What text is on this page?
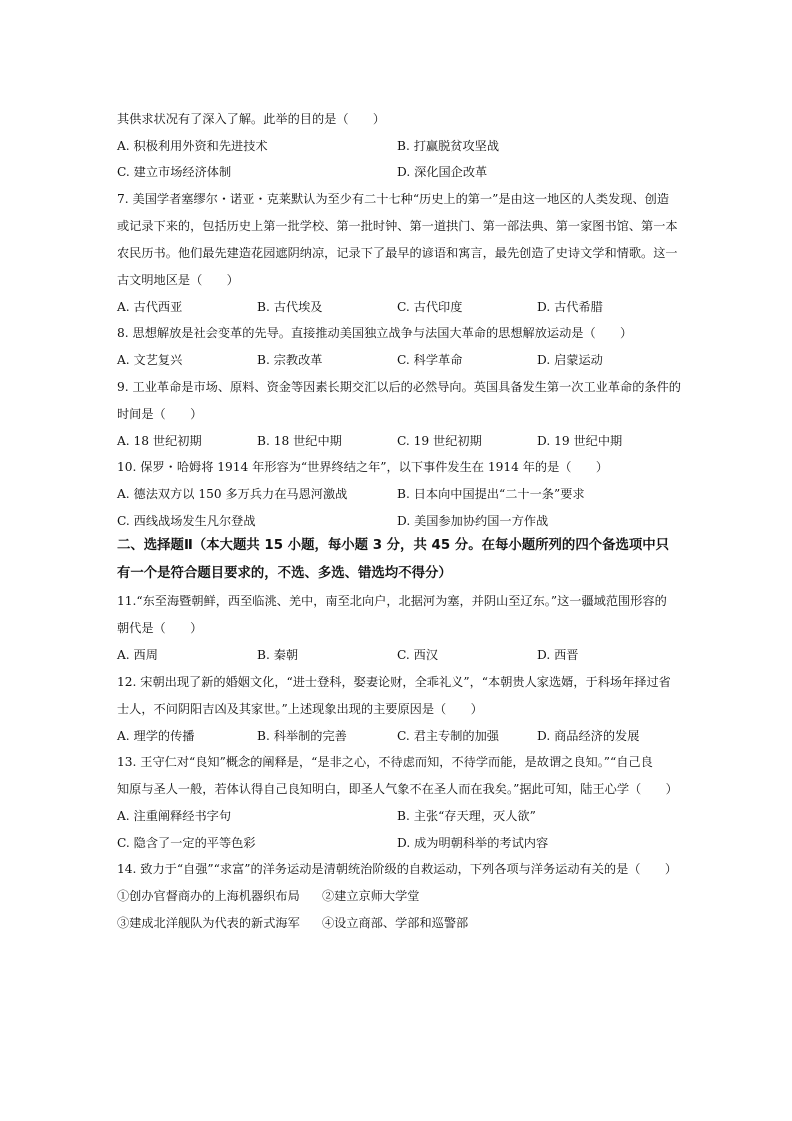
其供求状况有了深入了解。此举的目的是（　　）
A. 积极利用外资和先进技术	B. 打赢脱贫攻坚战
C. 建立市场经济体制	D. 深化国企改革
7. 美国学者塞缪尔・诺亚・克莱默认为至少有二十七种“历史上的第一”是由这一地区的人类发现、创造
或记录下来的，包括历史上第一批学校、第一批时钟、第一道拱门、第一部法典、第一家图书馆、第一本
农民历书。他们最先建造花园遮阴纳凉，记录下了最早的谚语和寓言，最先创造了史诗文学和情歌。这一
古文明地区是（　　）
A. 古代西亚	B. 古代埃及	C. 古代印度	D. 古代希腊
8. 思想解放是社会变革的先导。直接推动美国独立战争与法国大革命的思想解放运动是（　　）
A. 文艺复兴	B. 宗教改革	C. 科学革命	D. 启蒙运动
9. 工业革命是市场、原料、资金等因素长期交汇以后的必然导向。英国具备发生第一次工业革命的条件的
时间是（　　）
A. 18 世纪初期	B. 18 世纪中期	C. 19 世纪初期	D. 19 世纪中期
10. 保罗・哈姆将 1914 年形容为“世界终结之年”，以下事件发生在 1914 年的是（　　）
A. 德法双方以 150 多万兵力在马恩河激战	B. 日本向中国提出“二十一条”要求
C. 西线战场发生凡尔登战	D. 美国参加协约国一方作战
二、选择题Ⅱ（本大题共 15 小题，每小题 3 分，共 45 分。在每小题所列的四个备选项中只
有一个是符合题目要求的，不选、多选、错选均不得分）
11.“东至海暨朝鲜，西至临洮、羌中，南至北向户，北据河为塞，并阴山至辽东。”这一疆域范围形容的
朝代是（　　）
A. 西周	B. 秦朝	C. 西汉	D. 西晋
12. 宋朝出现了新的婚姻文化，“进士登科，娶妻论财，全乖礼义”，“本朝贵人家选婿，于科场年择过省
士人，不问阴阳吉凶及其家世。”上述现象出现的主要原因是（　　）
A. 理学的传播	B. 科举制的完善	C. 君主专制的加强	D. 商品经济的发展
13. 王守仁对“良知”概念的阐释是，“是非之心，不待虑而知，不待学而能，是故谓之良知。”“自己良
知原与圣人一般，若体认得自己良知明白，即圣人气象不在圣人而在我矣。”据此可知，陆王心学（　　）
A. 注重阐释经书字句	B. 主张“存天理，灭人欲”
C. 隐含了一定的平等色彩	D. 成为明朝科举的考试内容
14. 致力于“自强”“求富”的洋务运动是清朝统治阶级的自救运动，下列各项与洋务运动有关的是（　　）
①创办官督商办的上海机器织布局 ②建立京师大学堂
③建成北洋舰队为代表的新式海军 ④设立商部、学部和巡警部
